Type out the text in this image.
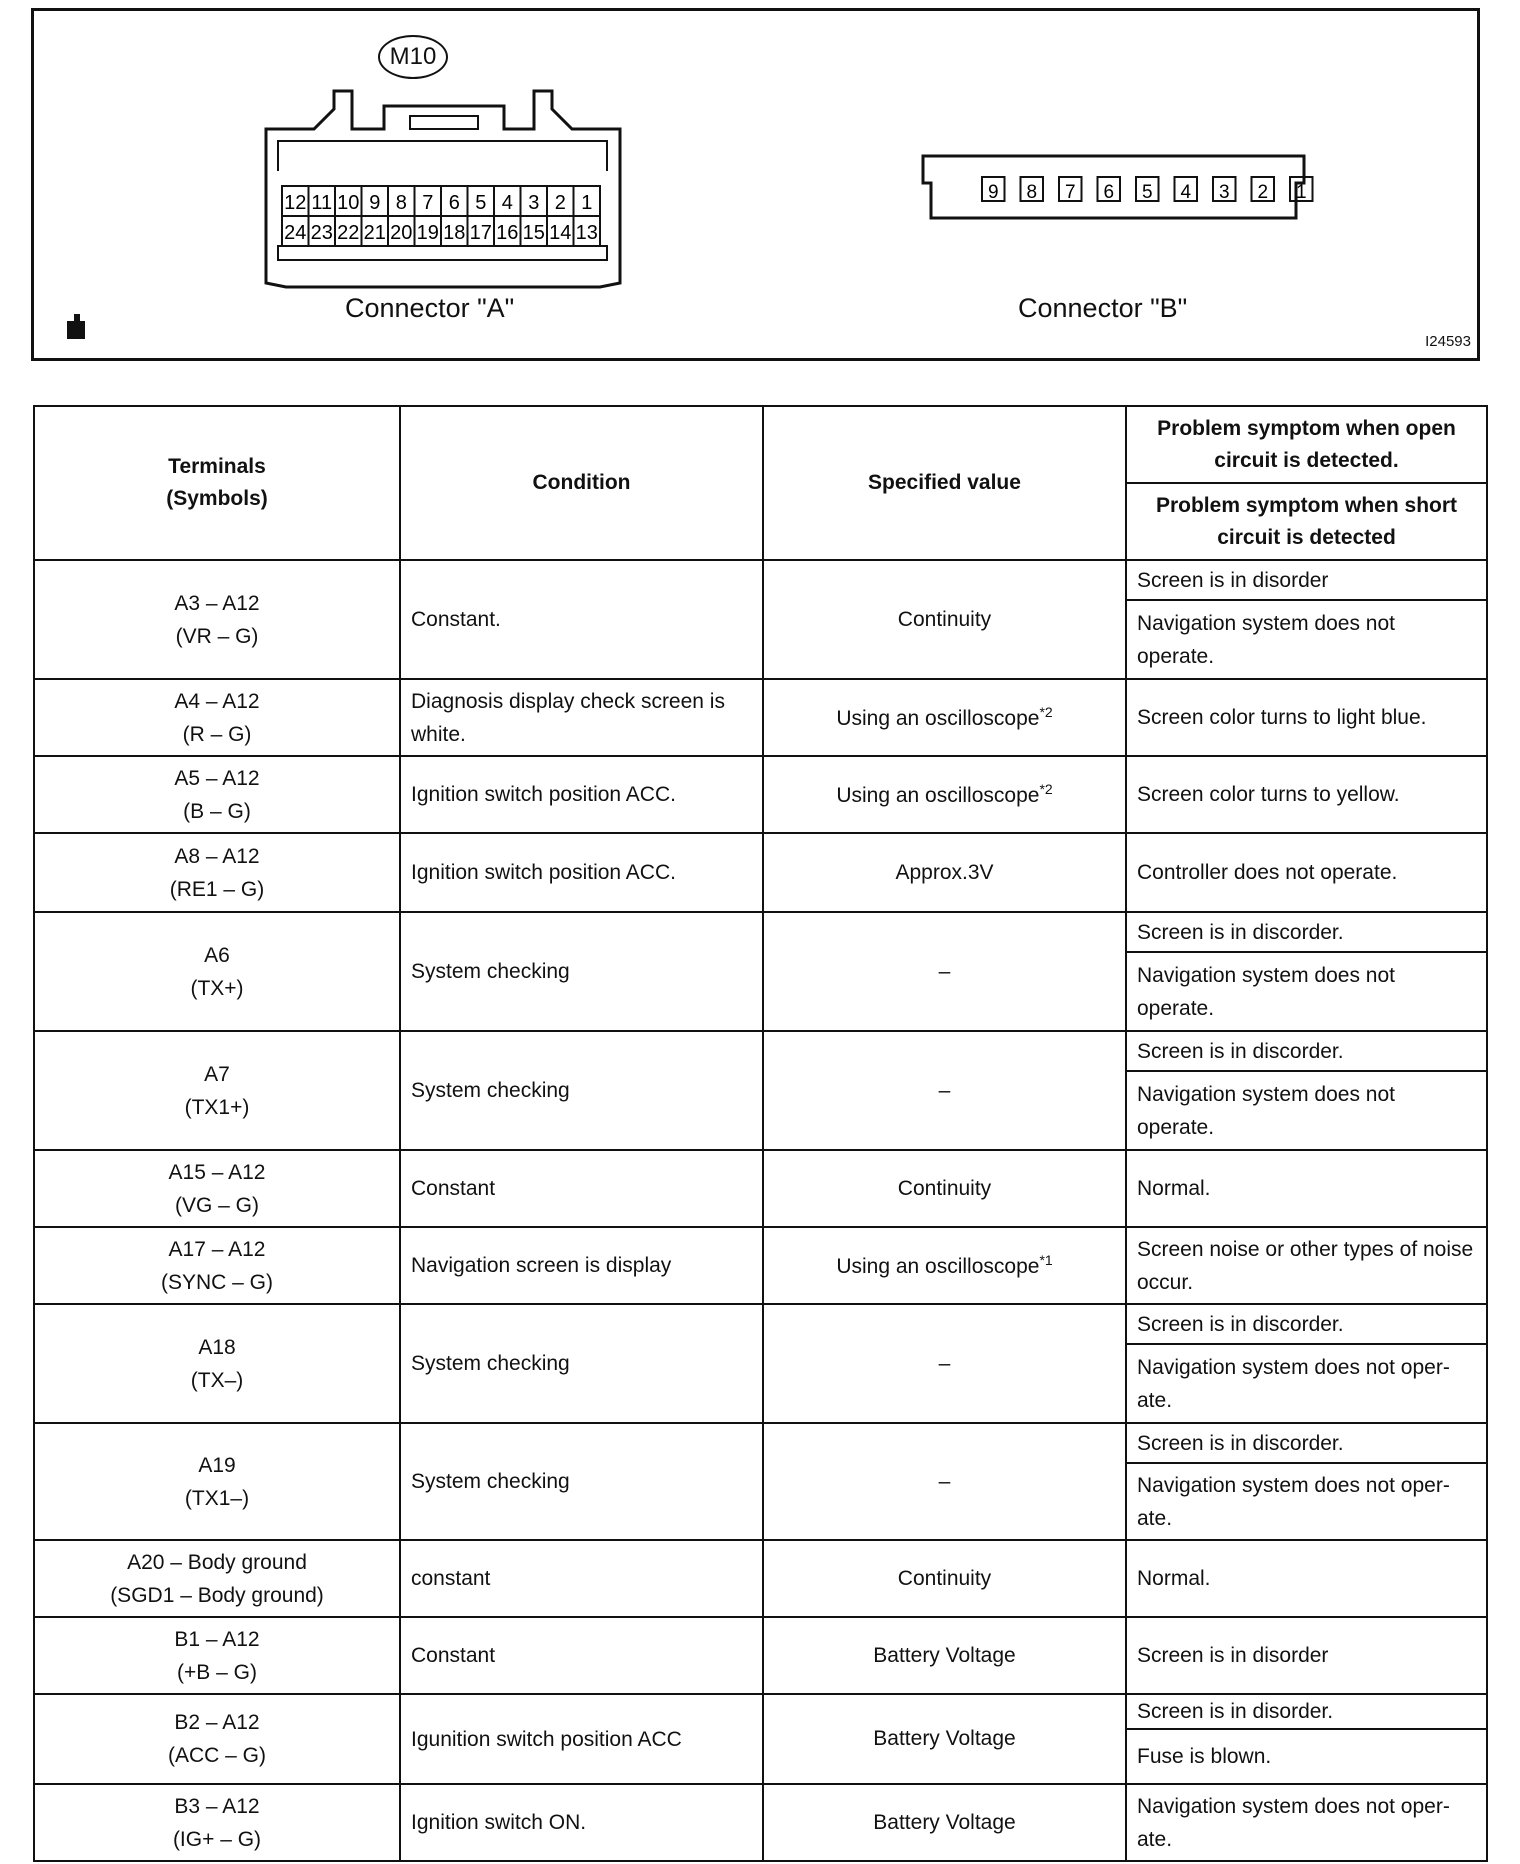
12 11 10 9 8 7 6 5 4 3 2 1
24 23 22 21 20 19 18 17 16 15 14 13
9 8 7 6 5 4 3 2 1
M10
Connector "A"	Connector "B"
I24593
Terminals
(Symbols)	Condition	Specified value	Problem symptom when open circuit is detected.
			Problem symptom when short circuit is detected
A3 – A12
(VR – G)	Constant.	Continuity	Screen is in disorder
			Navigation system does not operate.
A4 – A12
(R – G)	Diagnosis display check screen is white.	Using an oscilloscope$^{*2}$	Screen color turns to light blue.
A5 – A12
(B – G)	Ignition switch position ACC.	Using an oscilloscope$^{*2}$	Screen color turns to yellow.
A8 – A12
(RE1 – G)	Ignition switch position ACC.	Approx.3V	Controller does not operate.
A6
(TX+)	System checking	–	Screen is in discorder.
			Navigation system does not operate.
A7
(TX1+)	System checking	–	Screen is in discorder.
			Navigation system does not operate.
A15 – A12
(VG – G)	Constant	Continuity	Normal.
A17 – A12
(SYNC – G)	Navigation screen is display	Using an oscilloscope$^{*1}$	Screen noise or other types of noise occur.
A18
(TX–)	System checking	–	Screen is in discorder.
			Navigation system does not oper- ate.
A19
(TX1–)	System checking	–	Screen is in discorder.
			Navigation system does not oper- ate.
A20 – Body ground
(SGD1 – Body ground)	constant	Continuity	Normal.
B1 – A12
(+B – G)	Constant	Battery Voltage	Screen is in disorder
B2 – A12
(ACC – G)	Igunition switch position ACC	Battery Voltage	Screen is in disorder.
			Fuse is blown.
B3 – A12
(IG+ – G)	Ignition switch ON.	Battery Voltage	Navigation system does not oper- ate.
